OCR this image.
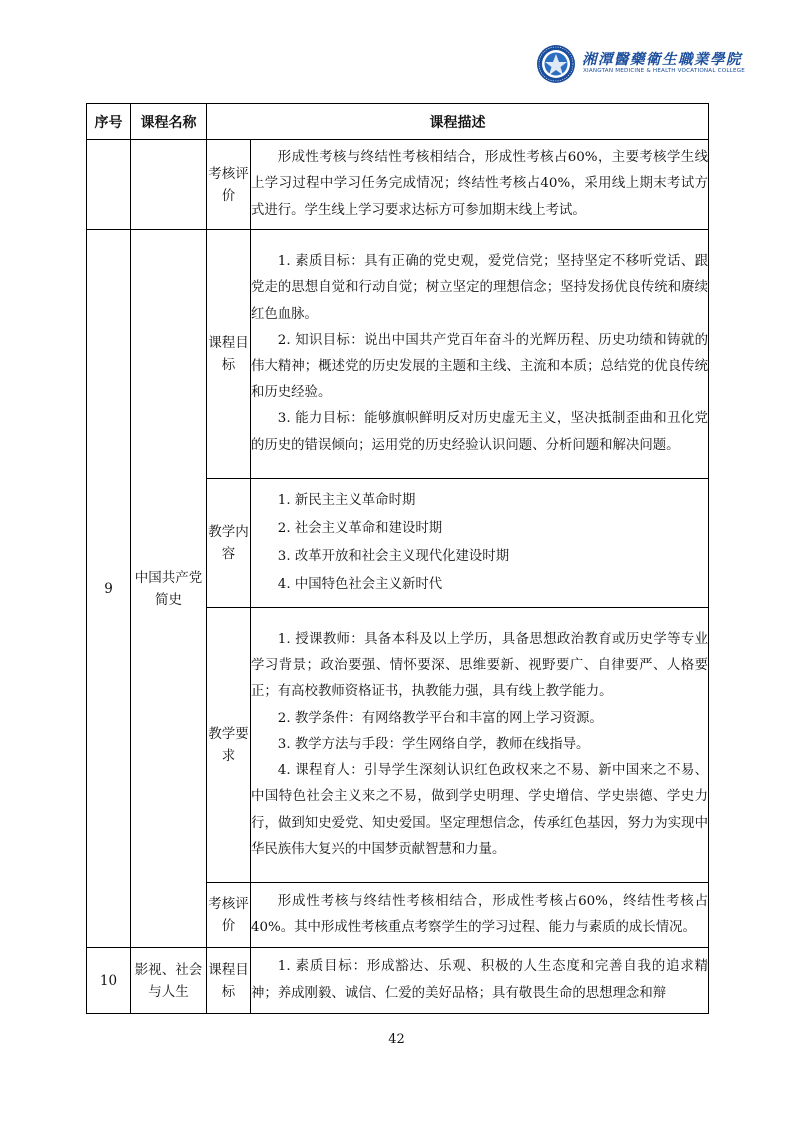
湘潭醫藥衛生職業學院
XIANGTAN MEDICINE & HEALTH VOCATIONAL COLLEGE
序号	课程名称	课程描述	
		考核评价	形成性考核与终结性考核相结合，形成性考核占60%，主要考核学生线上学习过程中学习任务完成情况；终结性考核占40%，采用线上期末考试方式进行。学生线上学习要求达标方可参加期末线上考试。

9	中国共产党简史	课程目标	1. 素质目标：具有正确的党史观，爱党信党；坚持坚定不移听党话、跟党走的思想自觉和行动自觉；树立坚定的理想信念；坚持发扬优良传统和赓续红色血脉。

2. 知识目标：说出中国共产党百年奋斗的光辉历程、历史功绩和铸就的伟大精神；概述党的历史发展的主题和主线、主流和本质；总结党的优良传统和历史经验。

3. 能力目标：能够旗帜鲜明反对历史虚无主义，坚决抵制歪曲和丑化党的历史的错误倾向；运用党的历史经验认识问题、分析问题和解决问题。

		教学内容	1. 新民主主义革命时期

2. 社会主义革命和建设时期

3. 改革开放和社会主义现代化建设时期

4. 中国特色社会主义新时代

		教学要求	1. 授课教师：具备本科及以上学历，具备思想政治教育或历史学等专业学习背景；政治要强、情怀要深、思维要新、视野要广、自律要严、人格要正；有高校教师资格证书，执教能力强，具有线上教学能力。

2. 教学条件：有网络教学平台和丰富的网上学习资源。

3. 教学方法与手段：学生网络自学，教师在线指导。

4. 课程育人：引导学生深刻认识红色政权来之不易、新中国来之不易、中国特色社会主义来之不易，做到学史明理、学史增信、学史崇德、学史力行，做到知史爱党、知史爱国。坚定理想信念，传承红色基因，努力为实现中华民族伟大复兴的中国梦贡献智慧和力量。

		考核评价	形成性考核与终结性考核相结合，形成性考核占60%，终结性考核占40%。其中形成性考核重点考察学生的学习过程、能力与素质的成长情况。

10	影视、社会与人生	课程目标	1. 素质目标：形成豁达、乐观、积极的人生态度和完善自我的追求精神；养成刚毅、诚信、仁爱的美好品格；具有敬畏生命的思想理念和辩

42
